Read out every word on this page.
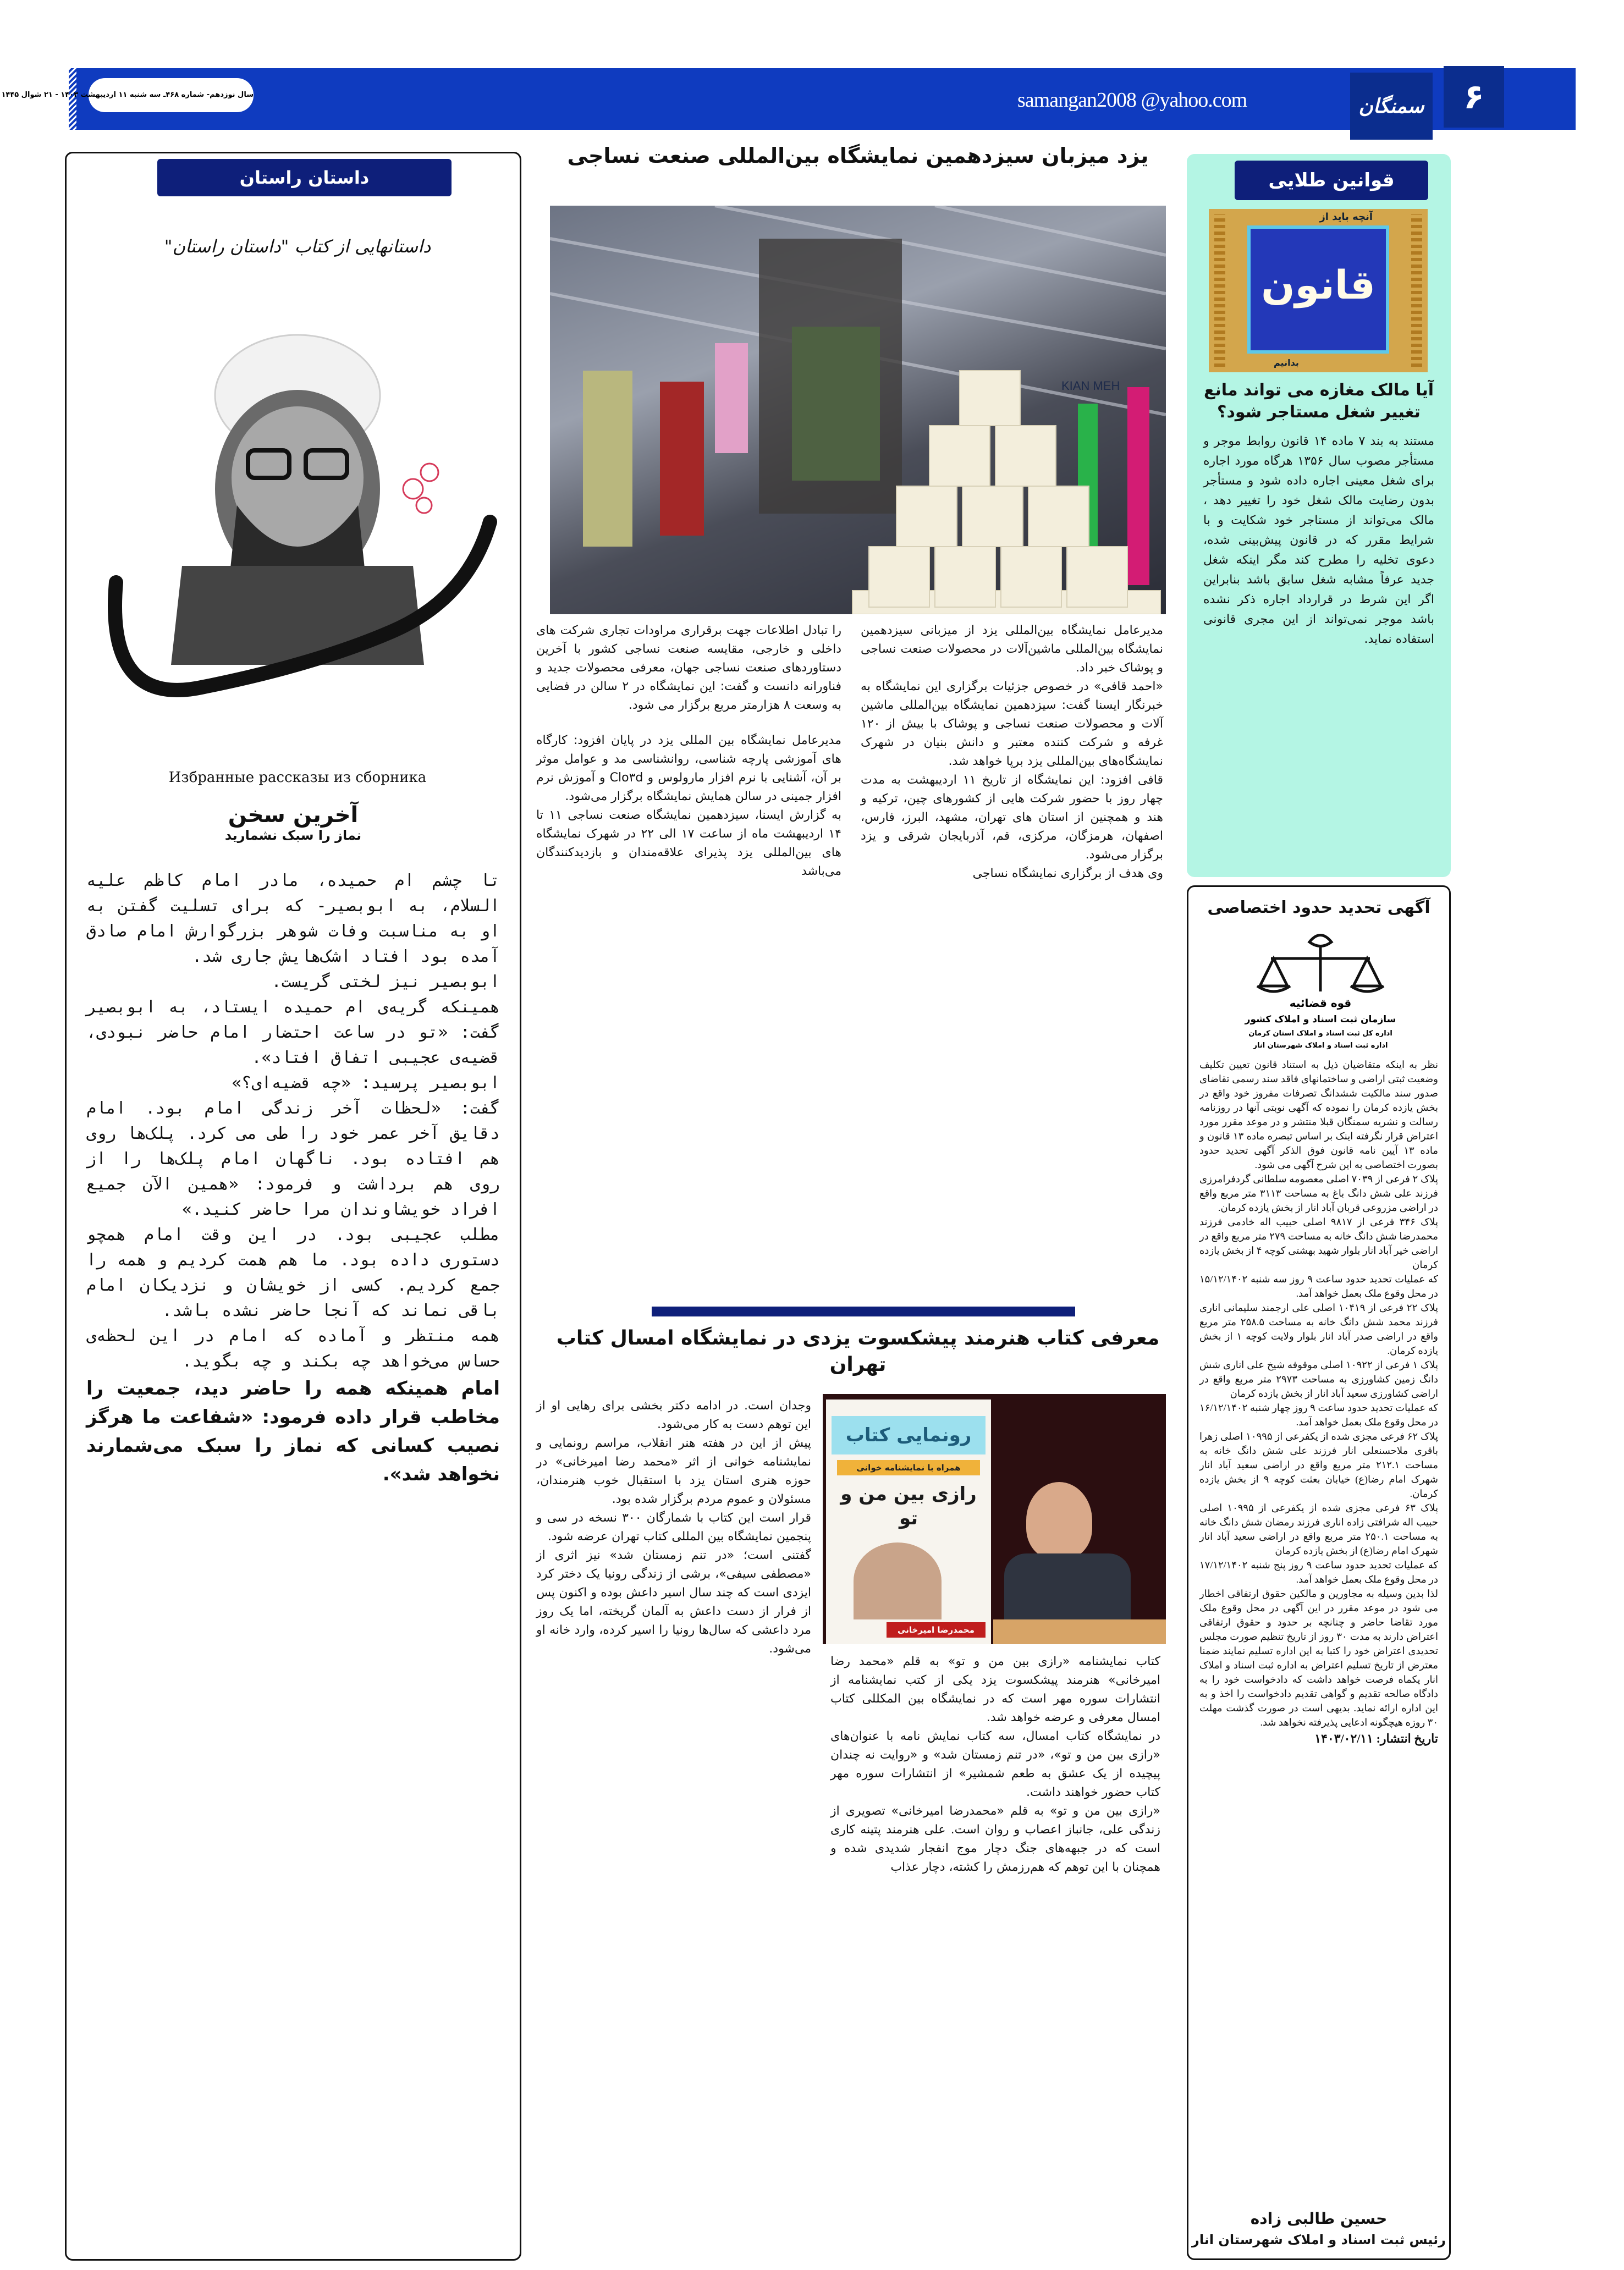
سال نوزدهم- شماره ۴۶۸ـ سه شنبه ۱۱ اردیبهشت ۱۴۰۳ - ۲۱ شوال ۱۴۴۵	samangan2008 @yahoo.com	سمنگان	۶
قوانین طلایی
قانون
آنچه باید از
بدانیم
آیا مالک مغازه می تواند مانع تغییر شغل مستاجر شود؟
مستند به بند ۷ ماده ۱۴ قانون روابط موجر و مستأجر مصوب سال ۱۳۵۶ هرگاه مورد اجاره برای شغل معینی اجاره داده شود و مستأجر بدون رضایت مالک شغل خود را تغییر دهد ، مالک می‌تواند از مستاجر خود شکایت و با شرایط مقرر که در قانون پیش‌بینی شده، دعوی تخلیه را مطرح کند مگر اینکه شغل جدید عرفاً مشابه شغل سابق باشد بنابراین اگر این شرط در قرارداد اجاره ذکر نشده باشد موجر نمی‌تواند از این مجری قانونی استفاده نماید.
آگهی تحدید حدود اختصاصی
قوه قضائیه
سازمان ثبت اسناد و املاک کشور
اداره کل ثبت اسناد و املاک استان کرمان
اداره ثبت اسناد و املاک شهرستان انار

نظر به اینکه متقاضیان ذیل به استناد قانون تعیین تکلیف وضعیت ثبتی اراضی و ساختمانهای فاقد سند رسمی تقاضای صدور سند مالکیت ششدانگ تصرفات مفروز خود واقع در بخش یازده کرمان را نموده که آگهی نوبتی آنها در روزنامه رسالت و نشریه سمنگان قبلا منتشر و در موعد مقرر مورد اعتراض قرار نگرفته اینک بر اساس تبصره ماده ۱۳ قانون و ماده ۱۳ آیین نامه قانون فوق الذکر آگهی تحدید حدود بصورت اختصاصی به این شرح آگهی می شود.

پلاک ۲ فرعی از ۷۰۳۹ اصلی معصومه سلطانی گردفرامرزی فرزند علی شش دانگ باغ به مساحت ۳۱۱۳ متر مربع واقع در اراضی مزروعی قربان آباد انار از بخش یازده کرمان.

پلاک ۳۴۶ فرعی از ۹۸۱۷ اصلی حبیب اله خادمی فرزند محمدرضا شش دانگ خانه به مساحت ۲۷۹ متر مربع واقع در اراضی خیر آباد انار بلوار شهید بهشتی کوچه ۴ از بخش یازده کرمان

که عملیات تحدید حدود ساعت ۹ روز سه شنبه ۱۵/۱۲/۱۴۰۲ در محل وقوع ملک بعمل خواهد آمد.

پلاک ۲۲ فرعی از ۱۰۴۱۹ اصلی علی ارجمند سلیمانی اناری فرزند محمد شش دانگ خانه به مساحت ۲۵۸.۵ متر مربع واقع در اراضی صدر آباد انار بلوار ولایت کوچه ۱ از بخش یازده کرمان.

پلاک ۱ فرعی از ۱۰۹۲۲ اصلی موقوفه شیخ علی اناری شش دانگ زمین کشاورزی به مساحت ۲۹۷۳ متر مربع واقع در اراضی کشاورزی سعید آباد انار از بخش یازده کرمان

که عملیات تحدید حدود ساعت ۹ روز چهار شنبه ۱۶/۱۲/۱۴۰۲ در محل وقوع ملک بعمل خواهد آمد.

پلاک ۶۲ فرعی مجزی شده از یکفرعی از ۱۰۹۹۵ اصلی زهرا باقری ملاحسنعلی انار فرزند علی شش دانگ خانه به مساحت ۲۱۲.۱ متر مربع واقع در اراضی سعید آباد انار شهرک امام رضا(ع) خیابان بعثت کوچه ۹ از بخش یازده کرمان.

پلاک ۶۳ فرعی مجزی شده از یکفرعی از ۱۰۹۹۵ اصلی حبیب اله شرافتی زاده اناری فرزند رمضان شش دانگ خانه به مساحت ۲۵۰.۱ متر مربع واقع در اراضی سعید آباد انار شهرک امام رضا(ع) از بخش یازده کرمان

که عملیات تحدید حدود ساعت ۹ روز پنج شنبه ۱۷/۱۲/۱۴۰۲ در محل وقوع ملک بعمل خواهد آمد.

لذا بدین وسیله به مجاورین و مالکین حقوق ارتفاقی اخطار می شود در موعد مقرر در این آگهی در محل وقوع ملک مورد تقاضا حاضر و چنانچه بر حدود و حقوق ارتفاقی اعتراض دارند به مدت ۳۰ روز از تاریخ تنظیم صورت مجلس تحدیدی اعتراض خود را کتبا به این اداره تسلیم نمایند ضمنا معترض از تاریخ تسلیم اعتراض به اداره ثبت اسناد و املاک انار یکماه فرصت خواهد داشت که دادخواست خود را به دادگاه صالحه تقدیم و گواهی تقدیم دادخواست را اخذ و به این اداره ارائه نماید. بدیهی است در صورت گذشت مهلت ۳۰ روزه هیچگونه ادعایی پذیرفته نخواهد شد.

تاریخ انتشار: ۱۴۰۳/۰۲/۱۱

حسین طالبی زاده
رئیس ثبت اسناد و املاک شهرستان انار
یزد میزبان سیزدهمین نمایشگاه بین‌المللی صنعت نساجی
KIAN MEH

مدیرعامل نمایشگاه بین‌المللی یزد از میزبانی سیزدهمین نمایشگاه بین‌المللی ماشین‌آلات در محصولات صنعت نساجی و پوشاک خبر داد.

«احمد قافی» در خصوص جزئیات برگزاری این نمایشگاه به خبرنگار ایسنا گفت: سیزدهمین نمایشگاه بین‌المللی ماشین آلات و محصولات صنعت نساجی و پوشاک با بیش از ۱۲۰ غرفه و شرکت کننده معتبر و دانش بنیان در شهرک نمایشگاه‌های بین‌المللی یزد برپا خواهد شد.

قافی افزود: این نمایشگاه از تاریخ ۱۱ اردیبهشت به مدت چهار روز با حضور شرکت هایی از کشورهای چین، ترکیه و هند و همچنین از استان های تهران، مشهد، البرز، فارس، اصفهان، هرمزگان، مرکزی، قم، آذربایجان شرقی و یزد برگزار می‌شود.

وی هدف از برگزاری نمایشگاه نساجی

را تبادل اطلاعات جهت برقراری مراودات تجاری شرکت های داخلی و خارجی، مقایسه صنعت نساجی کشور با آخرین دستاوردهای صنعت نساجی جهان، معرفی محصولات جدید و فناورانه دانست و گفت: این نمایشگاه در ۲ سالن در فضایی به وسعت ۸ هزارمتر مربع برگزار می شود.

مدیرعامل نمایشگاه بین المللی یزد در پایان افزود: کارگاه های آموزشی پارچه شناسی، روانشناسی مد و عوامل موثر بر آن، آشنایی با نرم افزار مارولوس و Clo۳d و آموزش نرم افزار جمینی در سالن همایش نمایشگاه برگزار می‌شود.

به گزارش ایسنا، سیزدهمین نمایشگاه صنعت نساجی ۱۱ تا ۱۴ اردیبهشت ماه از ساعت ۱۷ الی ۲۲ در شهرک نمایشگاه های بین‌المللی یزد پذیرای علاقه‌مندان و بازدیدکنندگان می‌باشد

معرفی کتاب هنرمند پیشکسوت یزدی در نمایشگاه امسال کتاب تهران
رونمایی کتاب
همراه با نمایشنامه خوانی
رازی بین من و تو
محمدرضا امیرخانی

کتاب نمایشنامه «رازی بین من و تو» به قلم «محمد رضا امیرخانی» هنرمند پیشکسوت یزد یکی از کتب نمایشنامه از انتشارات سوره مهر است که در نمایشگاه بین المکللی کتاب امسال معرفی و عرضه خواهد شد.

در نمایشگاه کتاب امسال، سه کتاب نمایش نامه با عنوان‌های «رازی بین من و تو»، «در تنم زمستان شد» و «روایت نه چندان پیچیده از یک عشق به طعم شمشیر» از انتشارات سوره مهر کتاب حضور خواهند داشت.

«رازی بین من و تو» به قلم «محمدرضا امیرخانی» تصویری از زندگی علی، جانباز اعصاب و روان است. علی هنرمند پتینه کاری است که در جبهه‌های جنگ دچار موج انفجار شدیدی شده و همچنان با این توهم که هم‌رزمش را کشته، دچار عذاب

وجدان است. در ادامه دکتر بخشی برای رهایی او از این توهم دست به کار می‌شود.

پیش از این در هفته هنر انقلاب، مراسم رونمایی و نمایشنامه خوانی از اثر «محمد رضا امیرخانی» در حوزه هنری استان یزد با استقبال خوب هنرمندان، مسئولان و عموم مردم برگزار شده بود.

قرار است این کتاب با شمارگان ۳۰۰ نسخه در سی و پنجمین نمایشگاه بین المللی کتاب تهران عرضه شود.

گفتنی است؛ «در تنم زمستان شد» نیز اثری از «مصطفی سیفی»، برشی از زندگی رونیا یک دختر کرد ایزدی است که چند سال اسیر داعش بوده و اکنون پس از فرار از دست داعش به آلمان گریخته، اما یک روز مرد داعشی که سال‌ها رونیا را اسیر کرده، وارد خانه او می‌شود.

داستان راستان
داستانهایی از کتاب "داستان راستان"
مطهری
Избранные рассказы из сборника
آخرین سخن
نماز را سبک نشمارید

تا چشم ام حمیده، مادر امام کاظم علیه السلام، به ابوبصیر- که برای تسلیت گفتن به او به مناسبت وفات شوهر بزرگوارش امام صادق آمده بود افتاد اشک‌هایش جاری شد.

ابوبصیر نیز لختی گریست.

همینکه گریه‌ی ام حمیده ایستاد، به ابوبصیر گفت: «تو در ساعت احتضار امام حاضر نبودی، قضیه‌ی عجیبی اتفاق افتاد».

ابوبصیر پرسید: «چه قضیه‌ای؟»

گفت: «لحظات آخر زندگی امام بود. امام دقایق آخر عمر خود را طی می کرد. پلک‌ها روی هم افتاده بود. ناگهان امام پلک‌ها را از روی هم برداشت و فرمود: «همین الآن جمیع افراد خویشاوندان مرا حاضر کنید.»

مطلب عجیبی بود. در این وقت امام همچو دستوری داده بود. ما هم همت کردیم و همه را جمع کردیم. کسی از خویشان و نزدیکان امام باقی نماند که آنجا حاضر نشده باشد.

همه منتظر و آماده که امام در این لحظه‌ی حساس می‌خواهد چه بکند و چه بگوید.

امام همینکه همه را حاضر دید، جمعیت را مخاطب قرار داده فرمود: «شفاعت ما هرگز نصیب کسانی که نماز را سبک می‌شمارند نخواهد شد».
